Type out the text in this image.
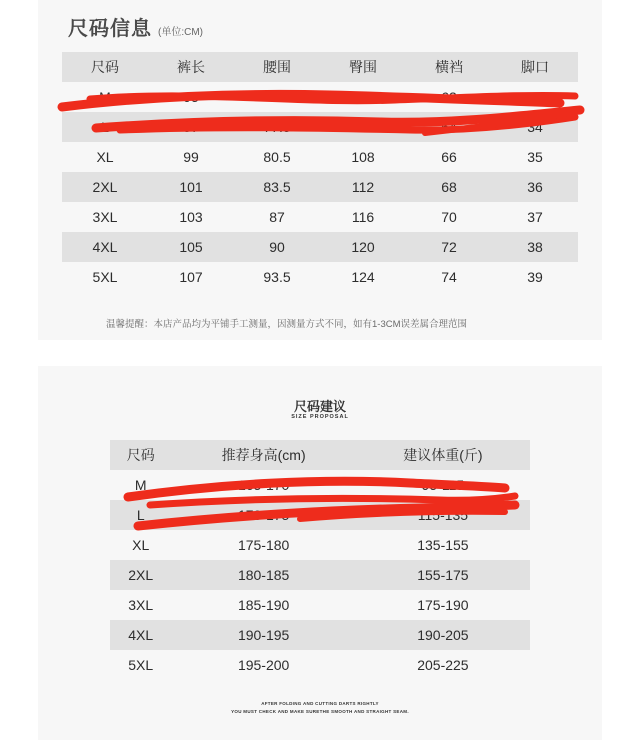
尺码信息 (单位:CM)
尺码	裤长	腰围	臀围	横裆	脚口
M	95	74	100	62	33
L	97	77.5	104	64	34
XL	99	80.5	108	66	35
2XL	101	83.5	112	68	36
3XL	103	87	116	70	37
4XL	105	90	120	72	38
5XL	107	93.5	124	74	39
温馨提醒：本店产品均为平铺手工测量，因测量方式不同，如有1-3CM误差属合理范围
尺码建议
SIZE PROPOSAL
尺码	推荐身高(cm)	建议体重(斤)
M	165-170	95-115
L	170-175	115-135
XL	175-180	135-155
2XL	180-185	155-175
3XL	185-190	175-190
4XL	190-195	190-205
5XL	195-200	205-225
AFTER FOLDING AND CUTTING DARTS RIGHTLY
YOU MUST CHECK AND MAKE SURETHE SMOOTH AND STRAIGHT SEAM.
